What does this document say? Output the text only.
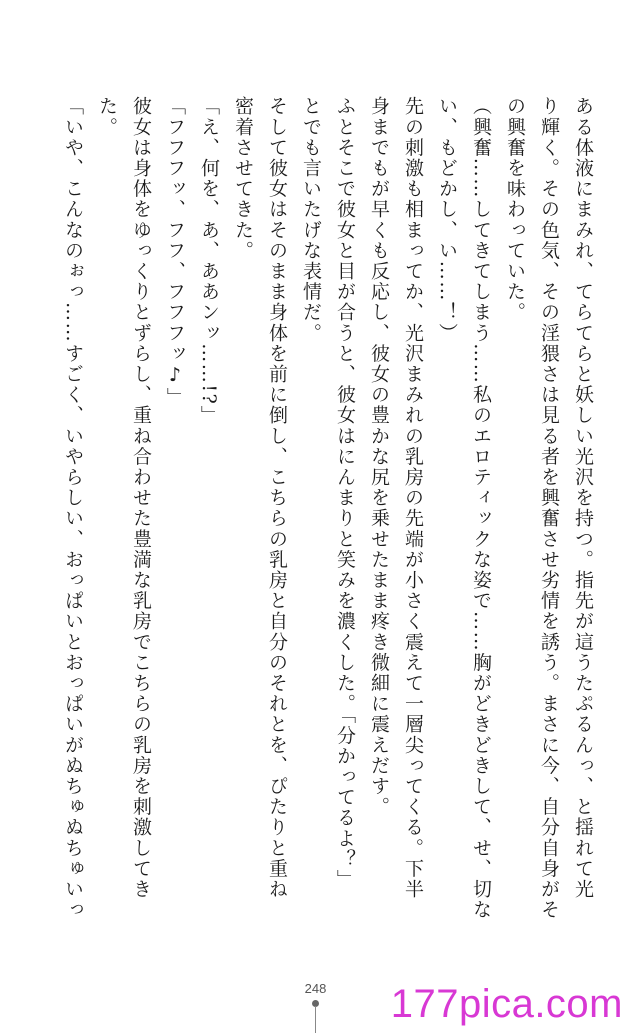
ある体液にまみれ、てらてらと妖しい光沢を持つ。指先が這うたぷるんっ、と揺れて光
り輝く。その色気、その淫猥さは見る者を興奮させ劣情を誘う。まさに今、自分自身がそ
の興奮を味わっていた。
（興奮……してきてしまう……私のエロティックな姿で……胸がどきどきして、せ、切な
い、もどかし、い……！）
先の刺激も相まってか、光沢まみれの乳房の先端が小さく震えて一層尖ってくる。下半
身までもが早くも反応し、彼女の豊かな尻を乗せたまま疼き微細に震えだす。
ふとそこで彼女と目が合うと、彼女はにんまりと笑みを濃くした。「分かってるよ？」
とでも言いたげな表情だ。
そして彼女はそのまま身体を前に倒し、こちらの乳房と自分のそれとを、ぴたりと重ね
密着させてきた。
「え、何を、あ、ああンッ……!?」
「フフフッ、フフ、フフフッ♪」
彼女は身体をゆっくりとずらし、重ね合わせた豊満な乳房でこちらの乳房を刺激してき
た。
「いや、こんなのぉっ……すごく、いやらしい、おっぱいとおっぱいがぬちゅぬちゅいっ
248	177pica.com
